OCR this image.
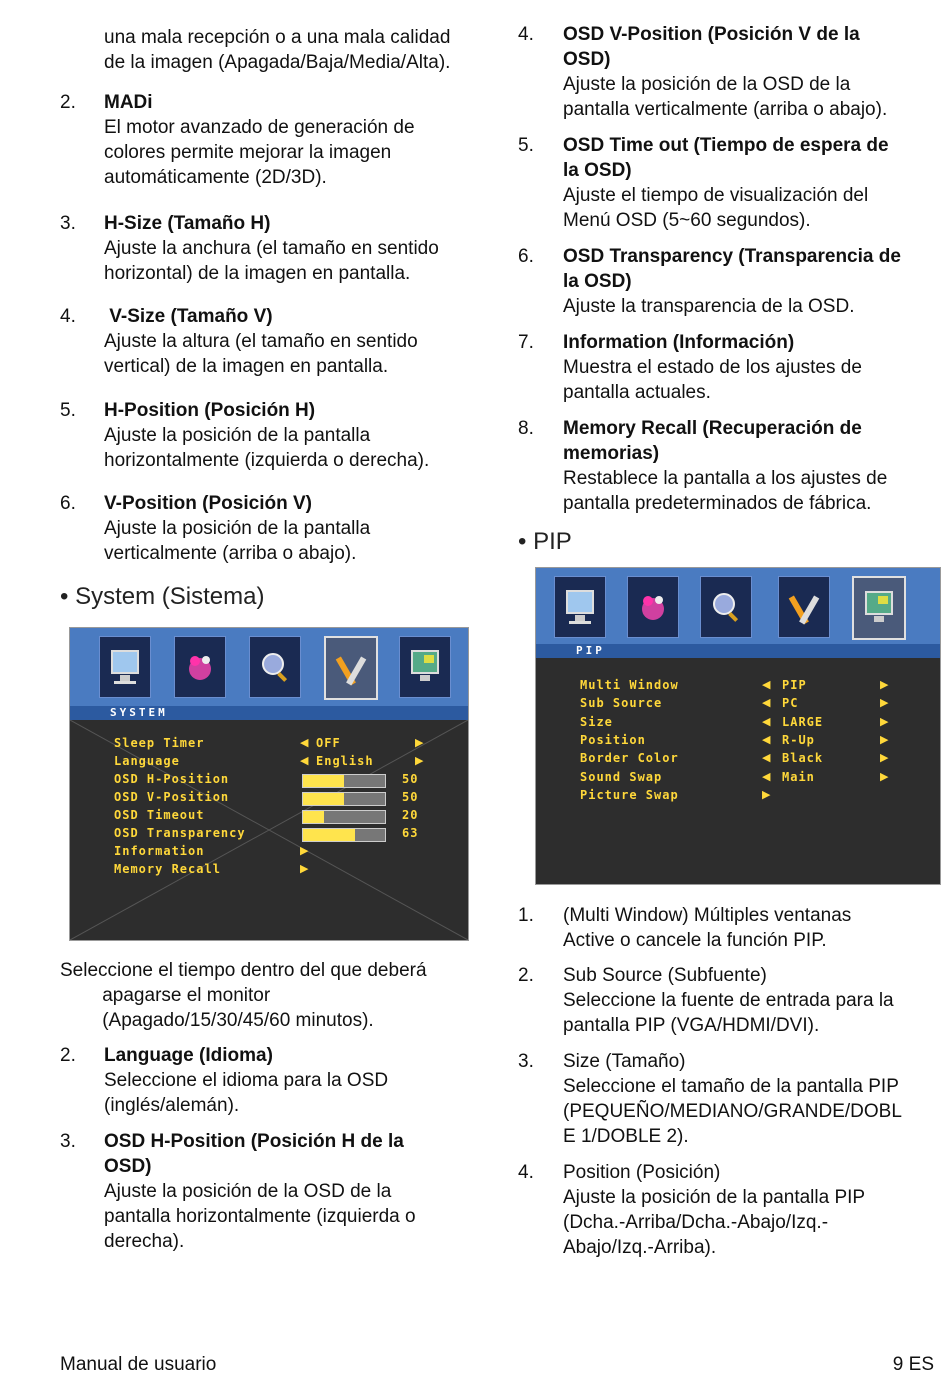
una mala recepción o a una mala calidad
de la imagen (Apagada/Baja/Media/Alta).
2. MADi
El motor avanzado de generación de
colores permite mejorar la imagen
automáticamente (2D/3D).
3. H-Size (Tamaño H)
Ajuste la anchura (el tamaño en sentido
horizontal) de la imagen en pantalla.
4. V-Size (Tamaño V)
Ajuste la altura (el tamaño en sentido
vertical) de la imagen en pantalla.
5. H-Position (Posición H)
Ajuste la posición de la pantalla
horizontalmente (izquierda o derecha).
6. V-Position (Posición V)
Ajuste la posición de la pantalla
verticalmente (arriba o abajo).
• System (Sistema)
SYSTEM
Sleep Timer	◀ OFF	▶
Language	◀ English	▶
OSD H-Position	50
OSD V-Position	50
OSD Timeout	20
OSD Transparency	63
Information	▶
Memory Recall	▶
Seleccione el tiempo dentro del que deberá
apagarse el monitor
(Apagado/15/30/45/60 minutos).
2. Language (Idioma)
Seleccione el idioma para la OSD
(inglés/alemán).
3. OSD H-Position (Posición H de la
OSD)
Ajuste la posición de la OSD de la
pantalla horizontalmente (izquierda o
derecha).
4. OSD V-Position (Posición V de la
OSD)
Ajuste la posición de la OSD de la
pantalla verticalmente (arriba o abajo).
5. OSD Time out (Tiempo de espera de
la OSD)
Ajuste el tiempo de visualización del
Menú OSD (5~60 segundos).
6. OSD Transparency (Transparencia de
la OSD)
Ajuste la transparencia de la OSD.
7. Information (Información)
Muestra el estado de los ajustes de
pantalla actuales.
8. Memory Recall (Recuperación de
memorias)
Restablece la pantalla a los ajustes de
pantalla predeterminados de fábrica.
• PIP
PIP
Multi Window	◀ PIP	▶
Sub Source	◀ PC	▶
Size	◀ LARGE	▶
Position	◀ R-Up	▶
Border Color	◀ Black	▶
Sound Swap	◀ Main	▶
Picture Swap	▶
1. (Multi Window) Múltiples ventanas
Active o cancele la función PIP.
2. Sub Source (Subfuente)
Seleccione la fuente de entrada para la
pantalla PIP (VGA/HDMI/DVI).
3. Size (Tamaño)
Seleccione el tamaño de la pantalla PIP
(PEQUEÑO/MEDIANO/GRANDE/DOBL
E 1/DOBLE 2).
4. Position (Posición)
Ajuste la posición de la pantalla PIP
(Dcha.-Arriba/Dcha.-Abajo/Izq.-
Abajo/Izq.-Arriba).
Manual de usuario	9 ES
